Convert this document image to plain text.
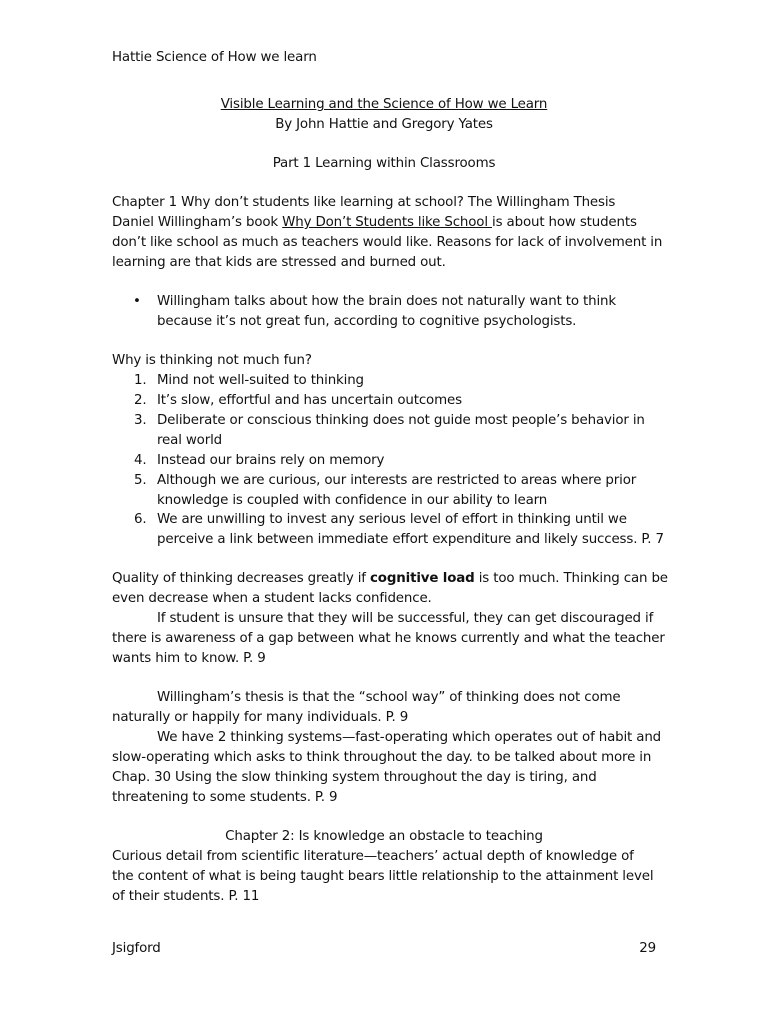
Hattie Science of How we learn
Visible Learning and the Science of How we Learn
By John Hattie and Gregory Yates
Part 1 Learning within Classrooms
Chapter 1 Why don’t students like learning at school? The Willingham Thesis
Daniel Willingham’s book Why Don’t Students like School is about how students
don’t like school as much as teachers would like. Reasons for lack of involvement in
learning are that kids are stressed and burned out.
• Willingham talks about how the brain does not naturally want to think
because it’s not great fun, according to cognitive psychologists.
Why is thinking not much fun?
1. Mind not well-suited to thinking
2. It’s slow, effortful and has uncertain outcomes
3. Deliberate or conscious thinking does not guide most people’s behavior in
real world
4. Instead our brains rely on memory
5. Although we are curious, our interests are restricted to areas where prior
knowledge is coupled with confidence in our ability to learn
6. We are unwilling to invest any serious level of effort in thinking until we
perceive a link between immediate effort expenditure and likely success. P. 7
Quality of thinking decreases greatly if cognitive load is too much. Thinking can be
even decrease when a student lacks confidence.
If student is unsure that they will be successful, they can get discouraged if
there is awareness of a gap between what he knows currently and what the teacher
wants him to know. P. 9
Willingham’s thesis is that the “school way” of thinking does not come
naturally or happily for many individuals. P. 9
We have 2 thinking systems—fast-operating which operates out of habit and
slow-operating which asks to think throughout the day. to be talked about more in
Chap. 30 Using the slow thinking system throughout the day is tiring, and
threatening to some students. P. 9
Chapter 2: Is knowledge an obstacle to teaching
Curious detail from scientific literature—teachers’ actual depth of knowledge of
the content of what is being taught bears little relationship to the attainment level
of their students. P. 11
Jsigford	29
